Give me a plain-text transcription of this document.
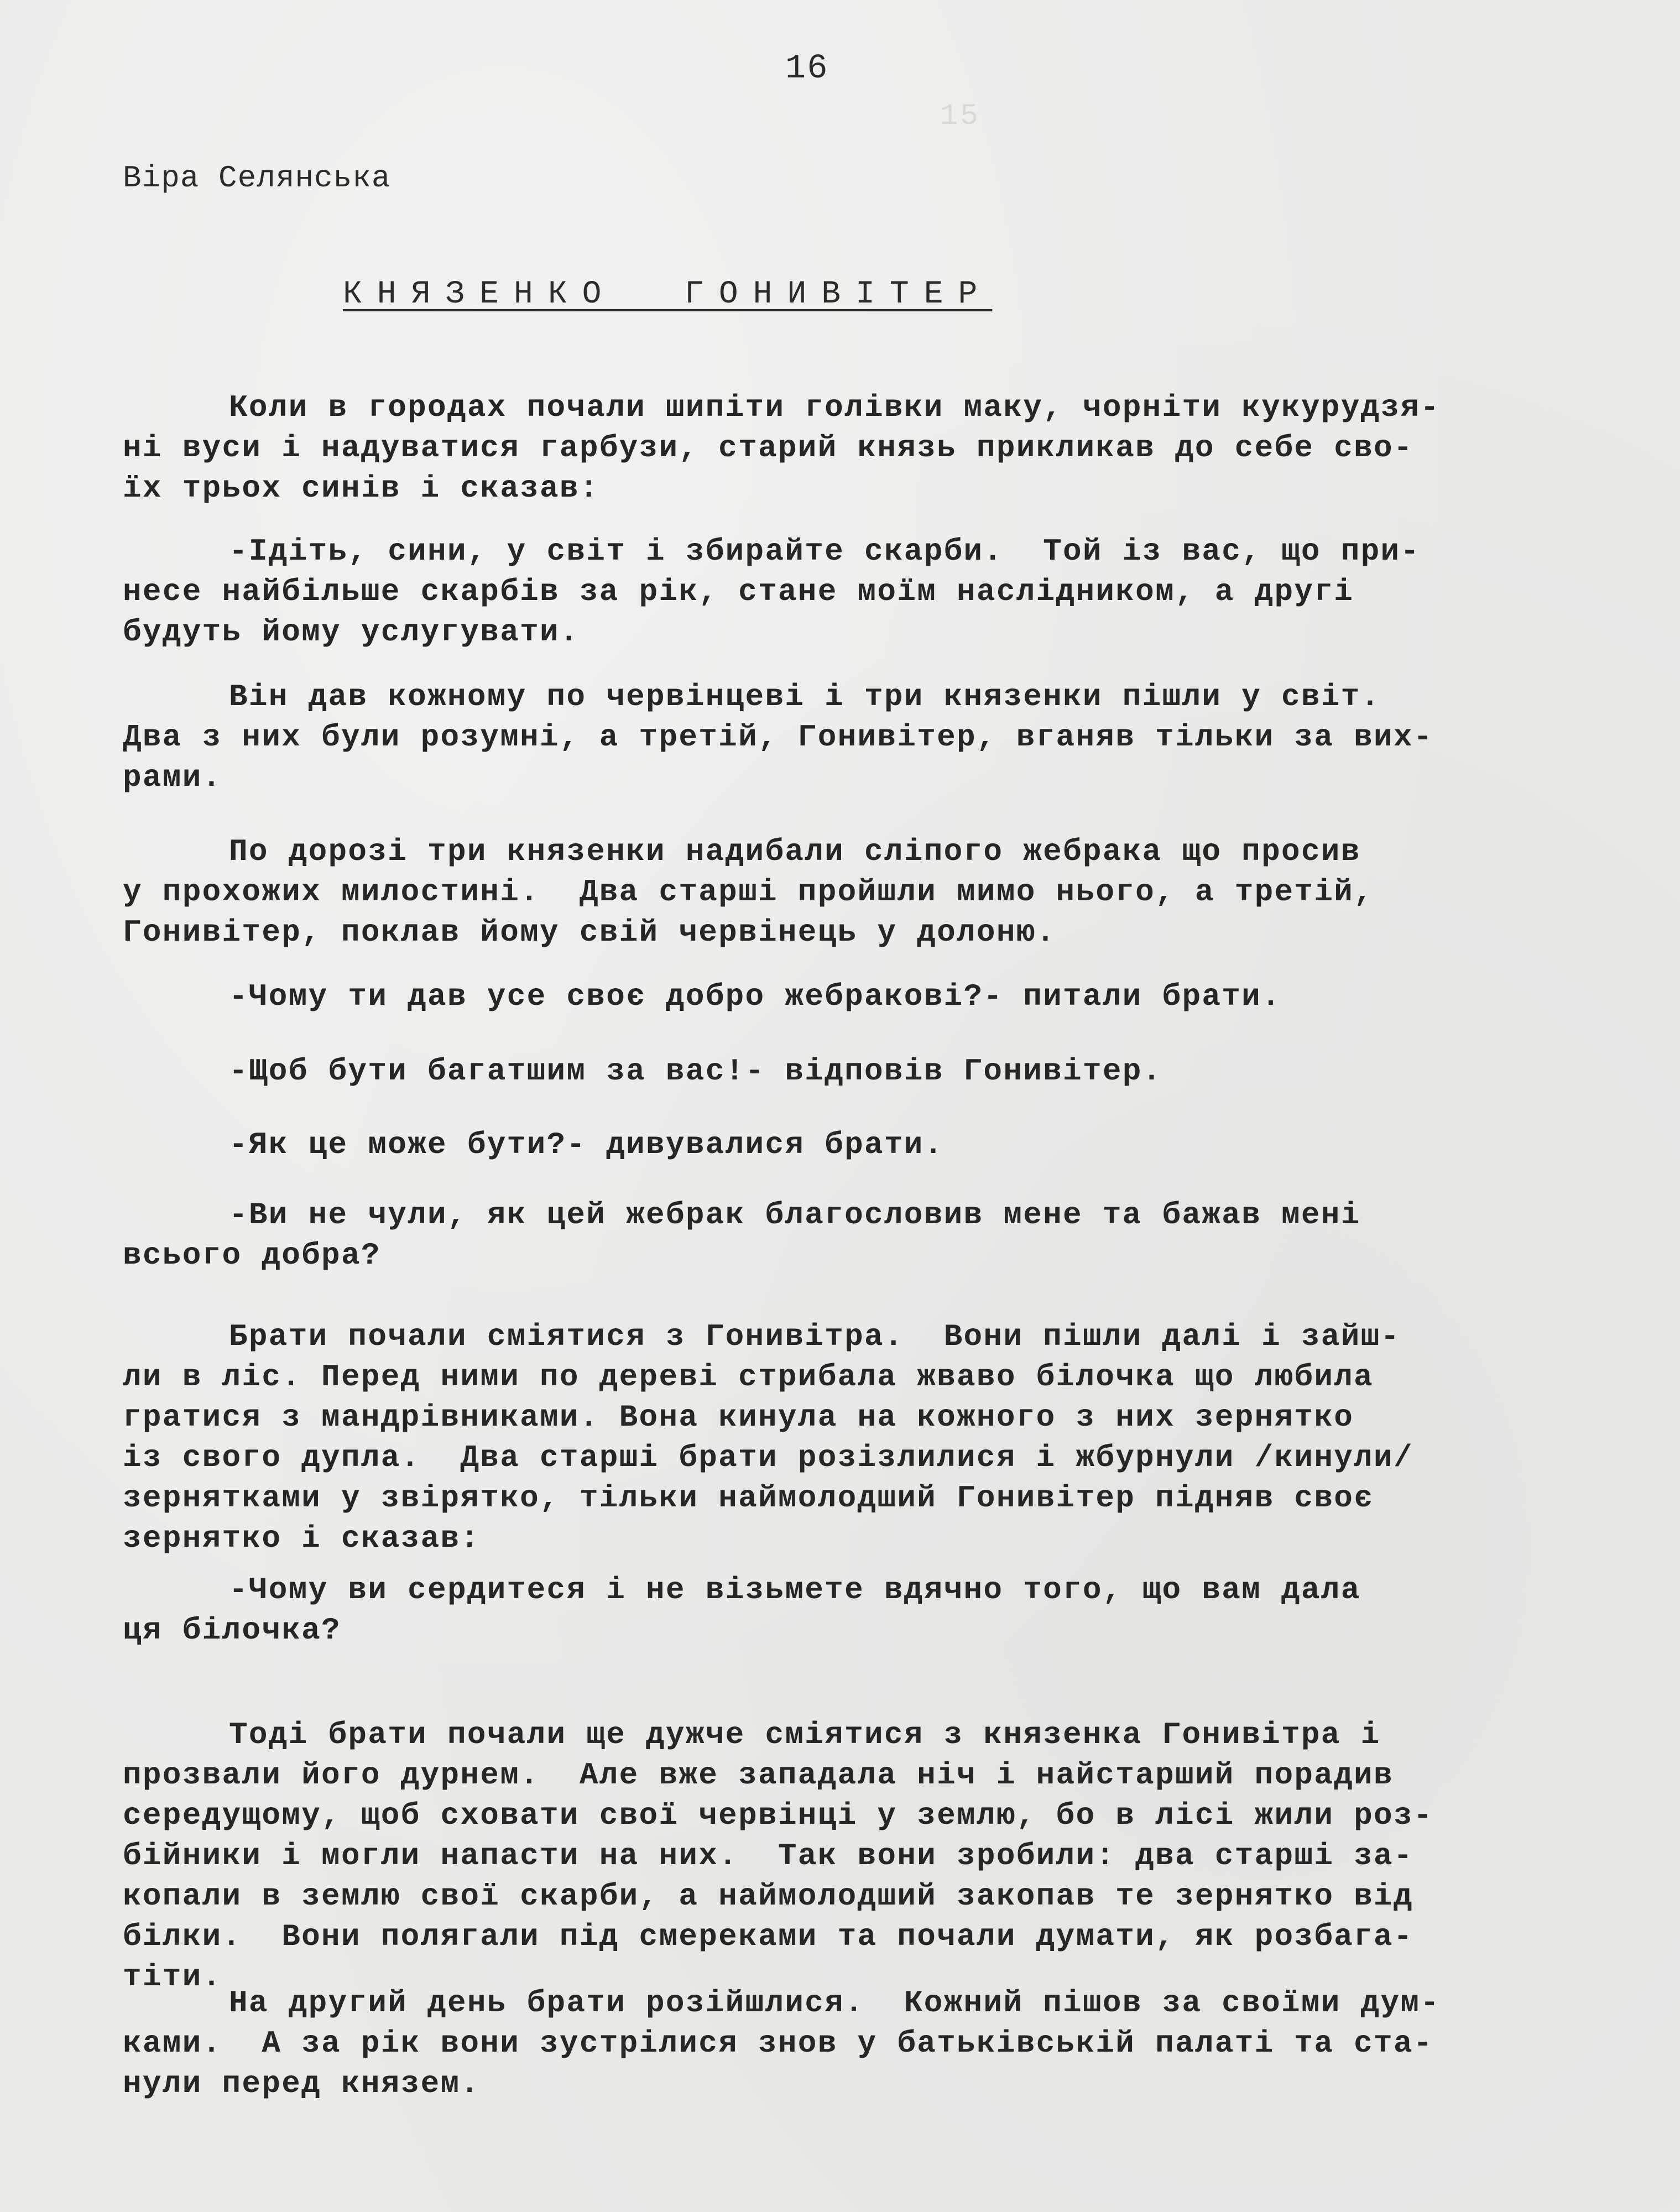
15
16
Віра Селянська
КНЯЗЕНКО  ГОНИВІТЕР
Коли в городах почали шипіти голівки маку, чорніти кукурудзя-
ні вуси і надуватися гарбузи, старий князь прикликав до себе сво-
їх трьох синів і сказав:
-Ідіть, сини, у світ і збирайте скарби.  Той із вас, що при-
несе найбільше скарбів за рік, стане моїм наслідником, а другі
будуть йому услугувати.
Він дав кожному по червінцеві і три князенки пішли у світ.
Два з них були розумні, а третій, Гонивітер, вганяв тільки за вих-
рами.
По дорозі три князенки надибали сліпого жебрака що просив
у прохожих милостині.  Два старші пройшли мимо нього, а третій,
Гонивітер, поклав йому свій червінець у долоню.
-Чому ти дав усе своє добро жебракові?- питали брати.
-Щоб бути багатшим за вас!- відповів Гонивітер.
-Як це може бути?- дивувалися брати.
-Ви не чули, як цей жебрак благословив мене та бажав мені
всього добра?
Брати почали сміятися з Гонивітра.  Вони пішли далі і зайш-
ли в ліс. Перед ними по дереві стрибала жваво білочка що любила
гратися з мандрівниками. Вона кинула на кожного з них зернятко
із свого дупла.  Два старші брати розізлилися і жбурнули /кинули/
зернятками у звірятко, тільки наймолодший Гонивітер підняв своє
зернятко і сказав:
-Чому ви сердитеся і не візьмете вдячно того, що вам дала
ця білочка?
Тоді брати почали ще дужче сміятися з князенка Гонивітра і
прозвали його дурнем.  Але вже западала ніч і найстарший порадив
середущому, щоб сховати свої червінці у землю, бо в лісі жили роз-
бійники і могли напасти на них.  Так вони зробили: два старші за-
копали в землю свої скарби, а наймолодший закопав те зернятко від
білки.  Вони полягали під смереками та почали думати, як розбага-
тіти.
На другий день брати розійшлися.  Кожний пішов за своїми дум-
ками.  А за рік вони зустрілися знов у батьківській палаті та ста-
нули перед князем.
